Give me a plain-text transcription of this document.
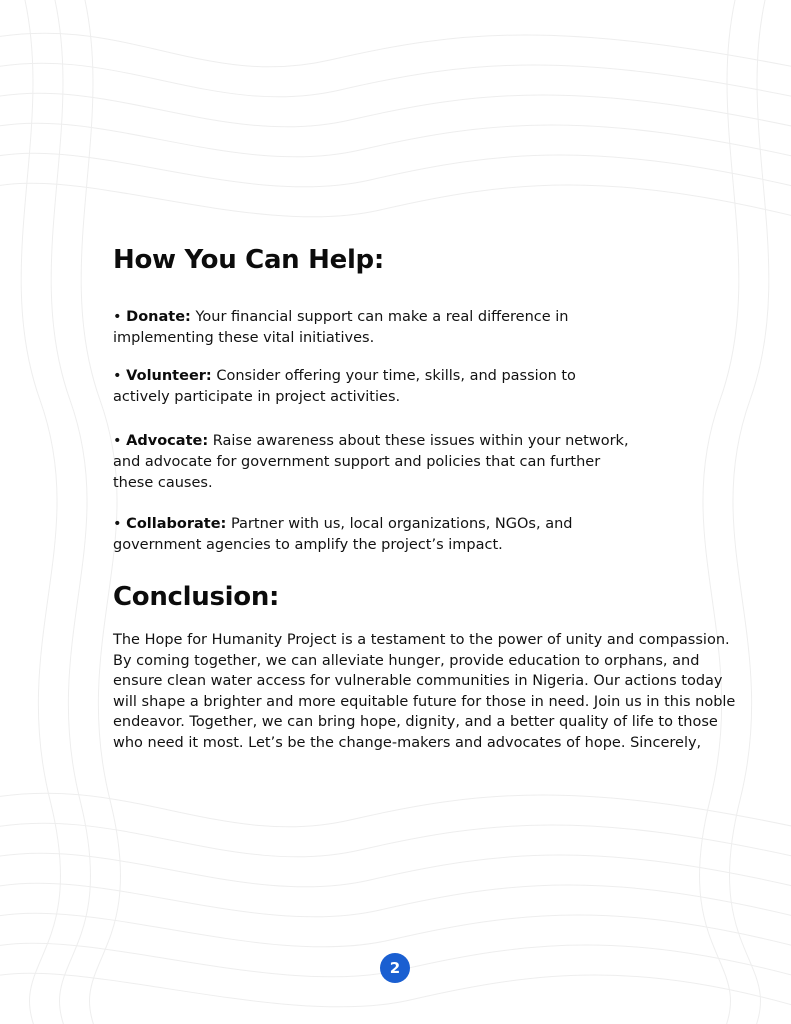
How You Can Help:

• Donate: Your financial support can make a real difference in implementing these vital initiatives.

• Volunteer: Consider offering your time, skills, and passion to actively participate in project activities.

• Advocate: Raise awareness about these issues within your network, and advocate for government support and policies that can further these causes.

• Collaborate: Partner with us, local organizations, NGOs, and government agencies to amplify the project’s impact.

Conclusion:

The Hope for Humanity Project is a testament to the power of unity and compassion. By coming together, we can alleviate hunger, provide education to orphans, and ensure clean water access for vulnerable communities in Nigeria. Our actions today will shape a brighter and more equitable future for those in need. Join us in this noble endeavor. Together, we can bring hope, dignity, and a better quality of life to those who need it most. Let’s be the change-makers and advocates of hope. Sincerely,

2
